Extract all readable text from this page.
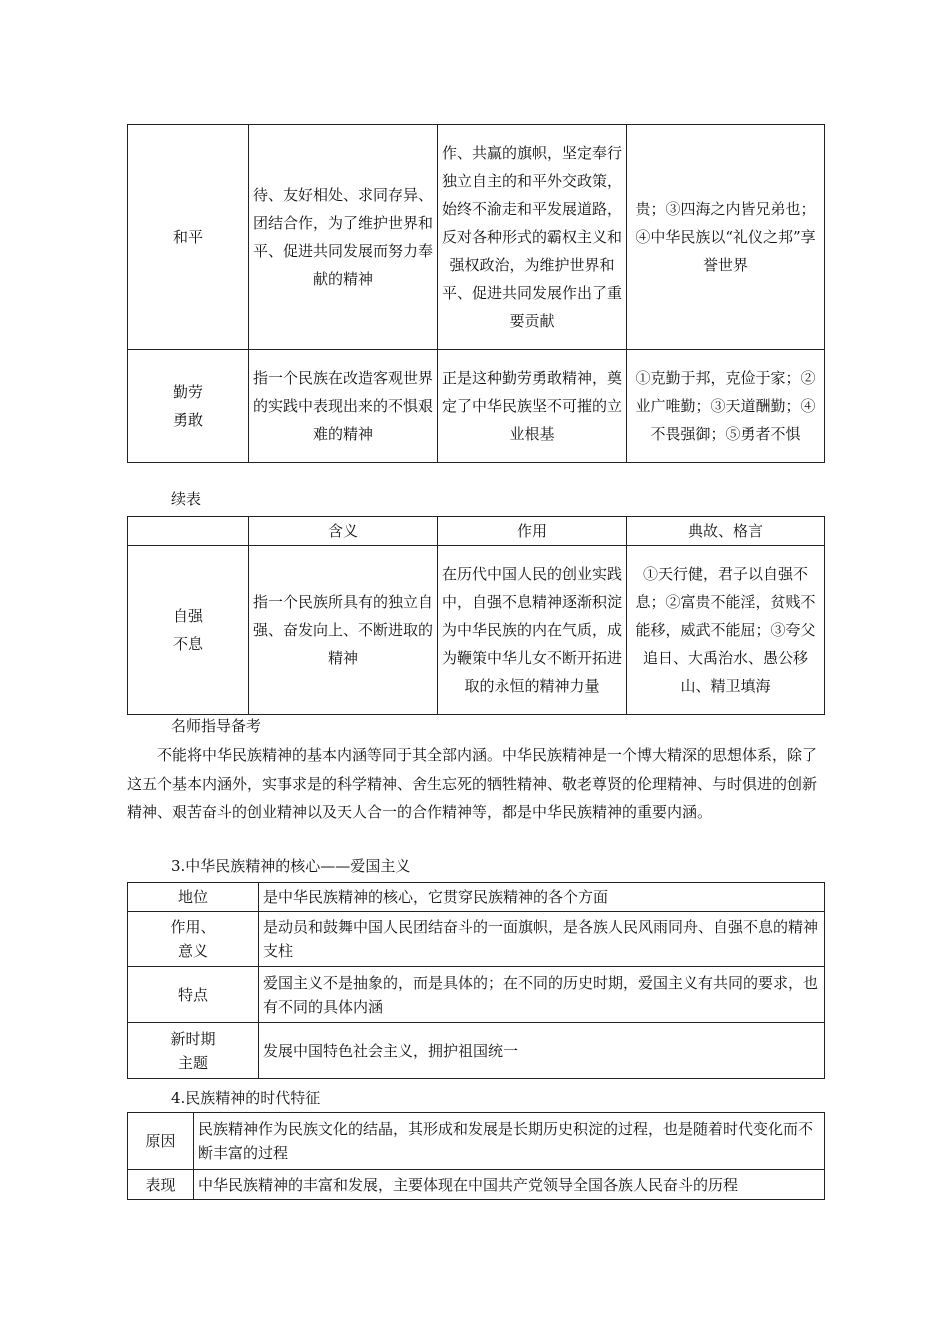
和平	待、友好相处、求同存异、团结合作，为了维护世界和平、促进共同发展而努力奉献的精神	作、共赢的旗帜，坚定奉行独立自主的和平外交政策，始终不渝走和平发展道路，反对各种形式的霸权主义和强权政治，为维护世界和平、促进共同发展作出了重要贡献	贵；③四海之内皆兄弟也；④中华民族以“礼仪之邦”享誉世界

勤劳勇敢	指一个民族在改造客观世界的实践中表现出来的不惧艰难的精神	正是这种勤劳勇敢精神，奠定了中华民族坚不可摧的立业根基	①克勤于邦，克俭于家；②业广唯勤；③天道酬勤；④不畏强御；⑤勇者不惧
续表
	含义	作用	典故、格言

自强不息	指一个民族所具有的独立自强、奋发向上、不断进取的精神	在历代中国人民的创业实践中，自强不息精神逐渐积淀为中华民族的内在气质，成为鞭策中华儿女不断开拓进取的永恒的精神力量	①天行健，君子以自强不息；②富贵不能淫，贫贱不能移，威武不能屈；③夸父追日、大禹治水、愚公移山、精卫填海
名师指导备考
不能将中华民族精神的基本内涵等同于其全部内涵。中华民族精神是一个博大精深的思想体系，除了这五个基本内涵外，实事求是的科学精神、舍生忘死的牺牲精神、敬老尊贤的伦理精神、与时俱进的创新精神、艰苦奋斗的创业精神以及天人合一的合作精神等，都是中华民族精神的重要内涵。
3.中华民族精神的核心——爱国主义
地位	是中华民族精神的核心，它贯穿民族精神的各个方面

作用、意义	是动员和鼓舞中国人民团结奋斗的一面旗帜，是各族人民风雨同舟、自强不息的精神支柱
特点	爱国主义不是抽象的，而是具体的；在不同的历史时期，爱国主义有共同的要求，也有不同的具体内涵

新时期主题	发展中国特色社会主义，拥护祖国统一
4.民族精神的时代特征
原因	民族精神作为民族文化的结晶，其形成和发展是长期历史积淀的过程，也是随着时代变化而不断丰富的过程
表现	中华民族精神的丰富和发展，主要体现在中国共产党领导全国各族人民奋斗的历程
